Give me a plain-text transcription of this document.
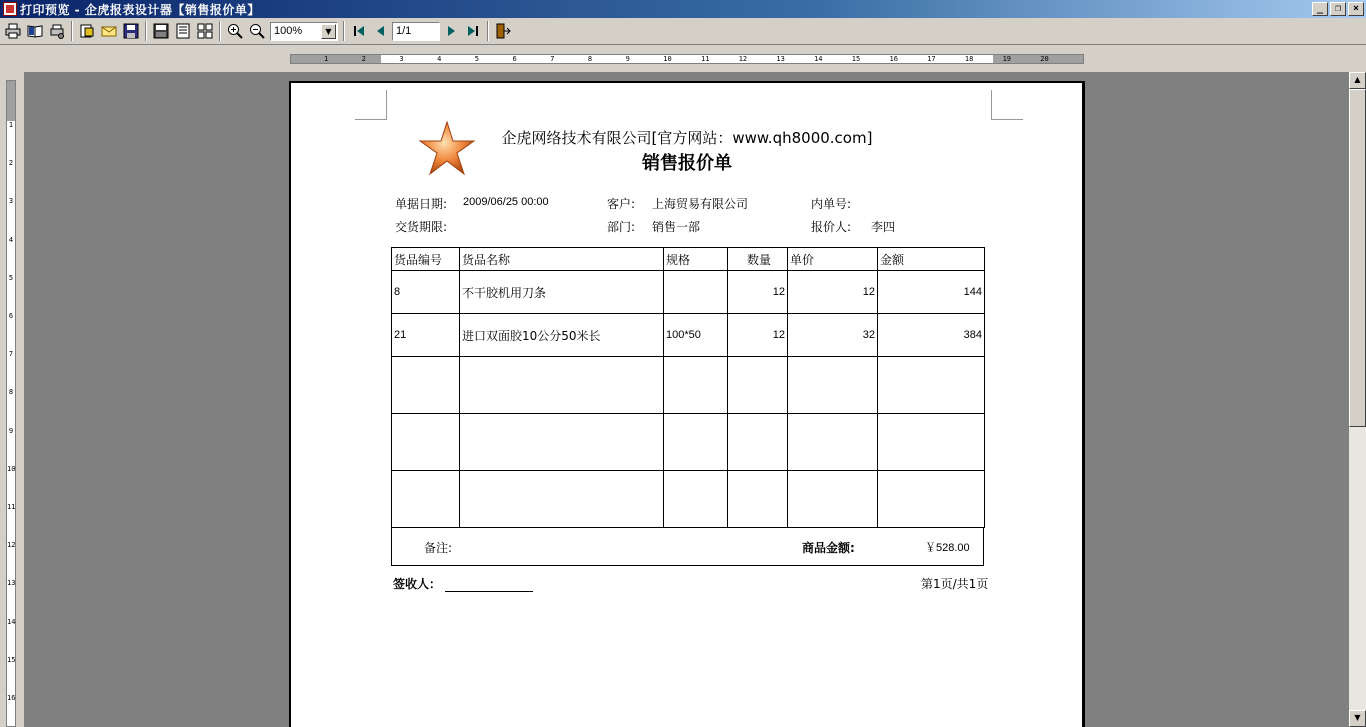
打印预览 - 企虎报表设计器【销售报价单】	_	❐	×
100%	▼	1/1
1	2	3	4	5	6	7	8	9	10	11	12	13	14	15	16	17	18	19	20
1
2
3
4
5
6
7
8
9
10
11
12
13
14
15
16
企虎网络技术有限公司[官方网站：www.qh8000.com]
销售报价单
单据日期: 2009/06/25 00:00	客户: 上海贸易有限公司	内单号:
交货期限:	部门: 销售一部	报价人: 李四
货品编号	货品名称	规格	数量	单价	金额
8	不干胶机用刀条		12	12	144
21	进口双面胶10公分50米长	100*50	12	32	384

备注:	商品金额:	￥528.00
签收人：	第1页/共1页
▲
▼
